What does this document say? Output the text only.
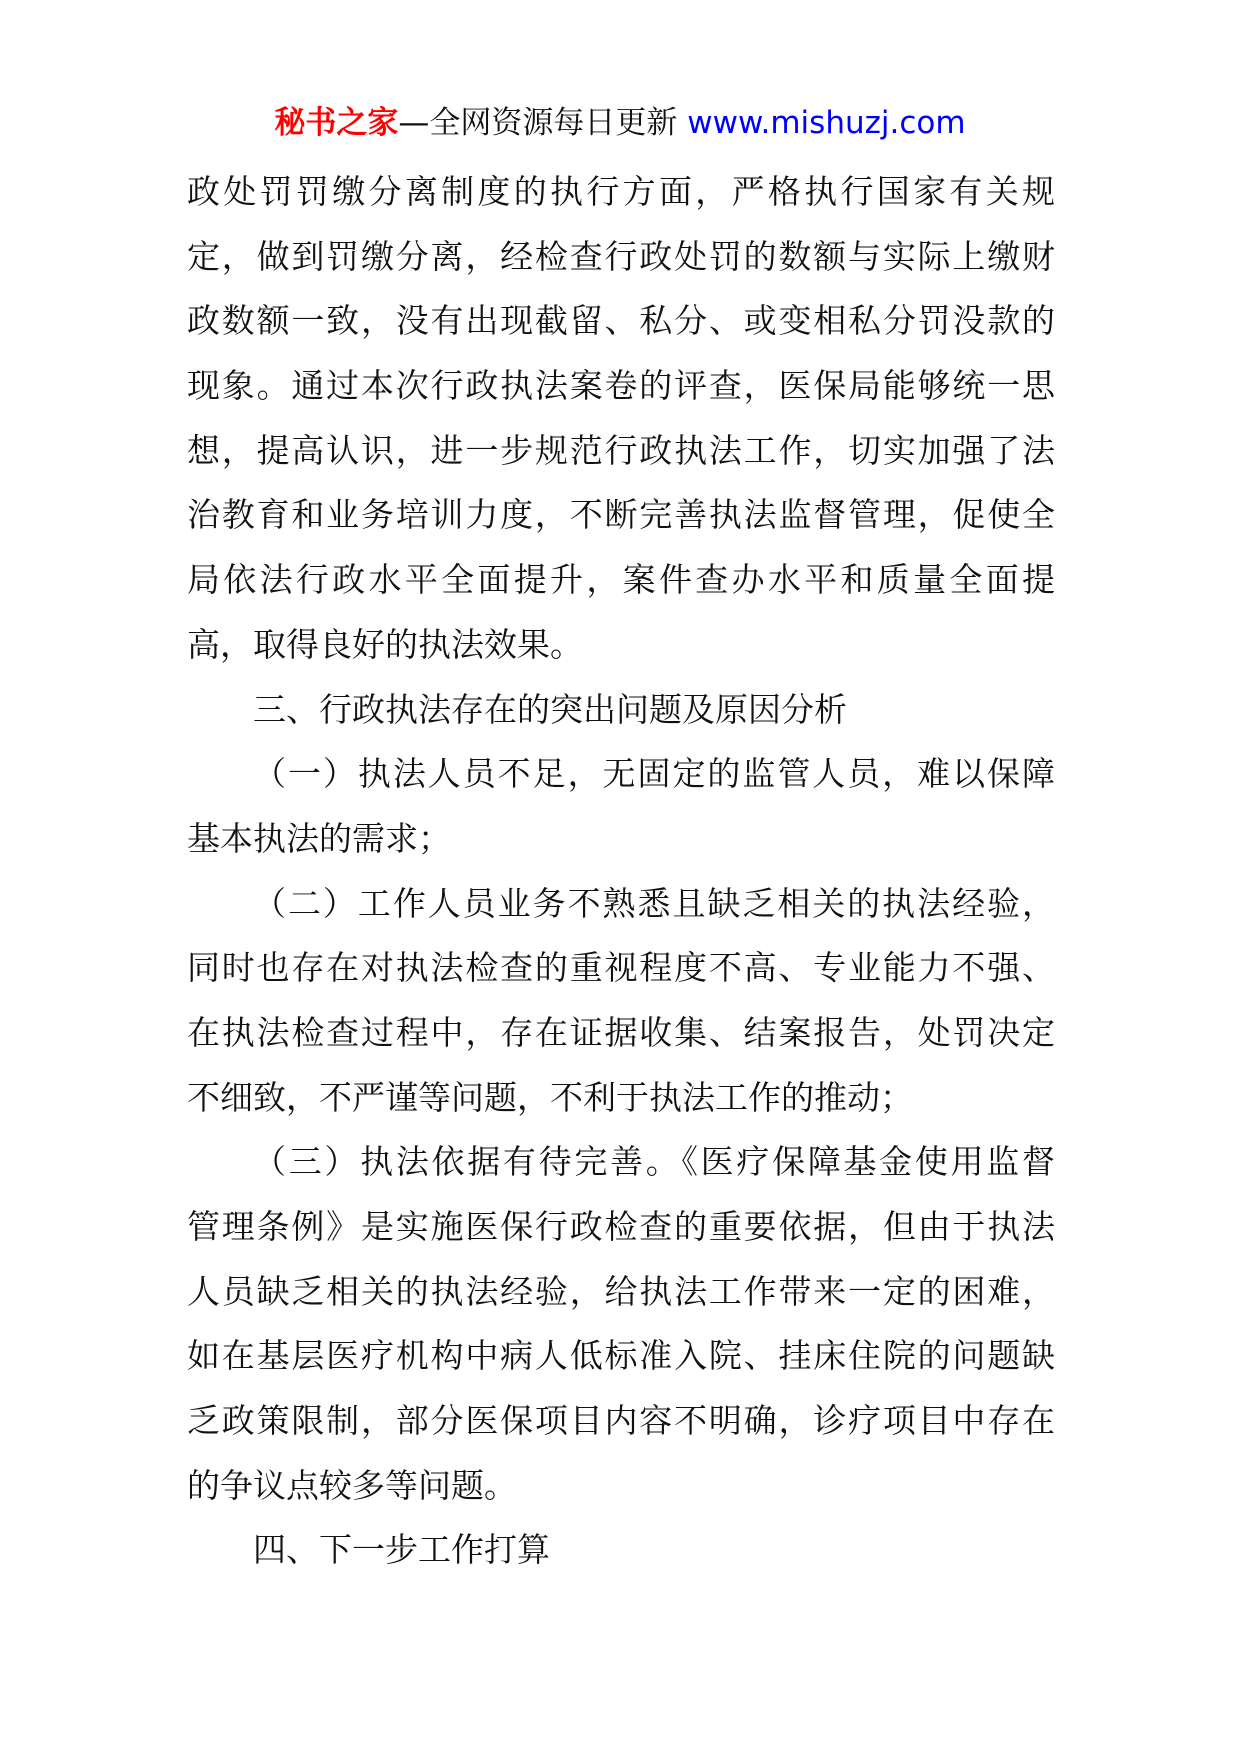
秘书之家—全网资源每日更新 www.mishuzj.com
政处罚罚缴分离制度的执行方面，严格执行国家有关规
定，做到罚缴分离，经检查行政处罚的数额与实际上缴财
政数额一致，没有出现截留、私分、或变相私分罚没款的
现象。通过本次行政执法案卷的评查，医保局能够统一思
想，提高认识，进一步规范行政执法工作，切实加强了法
治教育和业务培训力度，不断完善执法监督管理，促使全
局依法行政水平全面提升，案件查办水平和质量全面提
高，取得良好的执法效果。
三、行政执法存在的突出问题及原因分析
（一）执法人员不足，无固定的监管人员，难以保障
基本执法的需求；
（二）工作人员业务不熟悉且缺乏相关的执法经验，
同时也存在对执法检查的重视程度不高、专业能力不强、
在执法检查过程中，存在证据收集、结案报告，处罚决定
不细致，不严谨等问题，不利于执法工作的推动；
（三）执法依据有待完善。《医疗保障基金使用监督
管理条例》是实施医保行政检查的重要依据，但由于执法
人员缺乏相关的执法经验，给执法工作带来一定的困难，
如在基层医疗机构中病人低标准入院、挂床住院的问题缺
乏政策限制，部分医保项目内容不明确，诊疗项目中存在
的争议点较多等问题。
四、下一步工作打算
